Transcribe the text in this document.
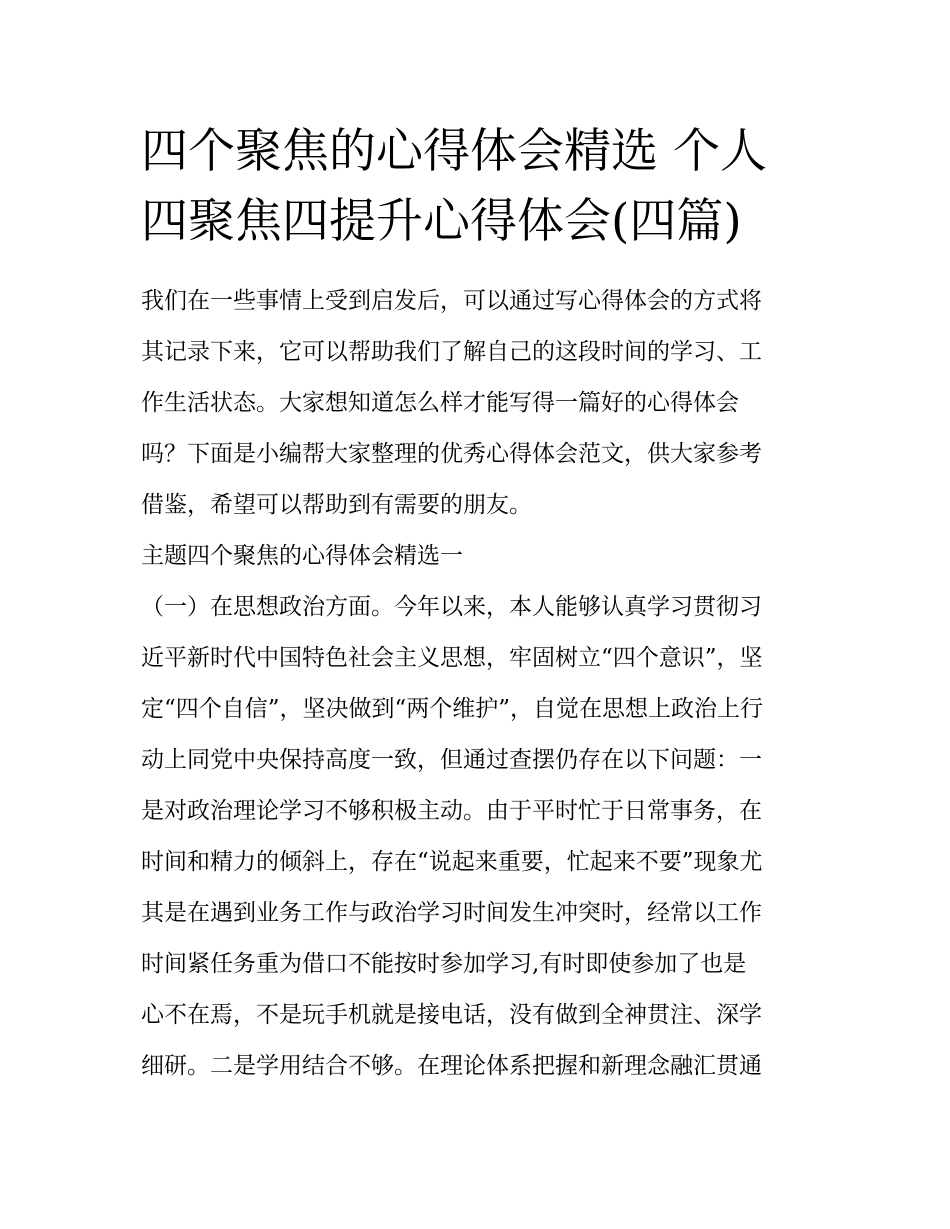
四个聚焦的心得体会精选 个人
四聚焦四提升心得体会(四篇)
我们在一些事情上受到启发后，可以通过写心得体会的方式将
其记录下来，它可以帮助我们了解自己的这段时间的学习、工
作生活状态。大家想知道怎么样才能写得一篇好的心得体会
吗？下面是小编帮大家整理的优秀心得体会范文，供大家参考
借鉴，希望可以帮助到有需要的朋友。
主题四个聚焦的心得体会精选一
（一）在思想政治方面。今年以来，本人能够认真学习贯彻习
近平新时代中国特色社会主义思想，牢固树立“四个意识”，坚
定“四个自信”，坚决做到“两个维护”，自觉在思想上政治上行
动上同党中央保持高度一致，但通过查摆仍存在以下问题：一
是对政治理论学习不够积极主动。由于平时忙于日常事务，在
时间和精力的倾斜上，存在“说起来重要，忙起来不要”现象尤
其是在遇到业务工作与政治学习时间发生冲突时，经常以工作
时间紧任务重为借口不能按时参加学习,有时即使参加了也是
心不在焉，不是玩手机就是接电话，没有做到全神贯注、深学
细研。二是学用结合不够。在理论体系把握和新理念融汇贯通
